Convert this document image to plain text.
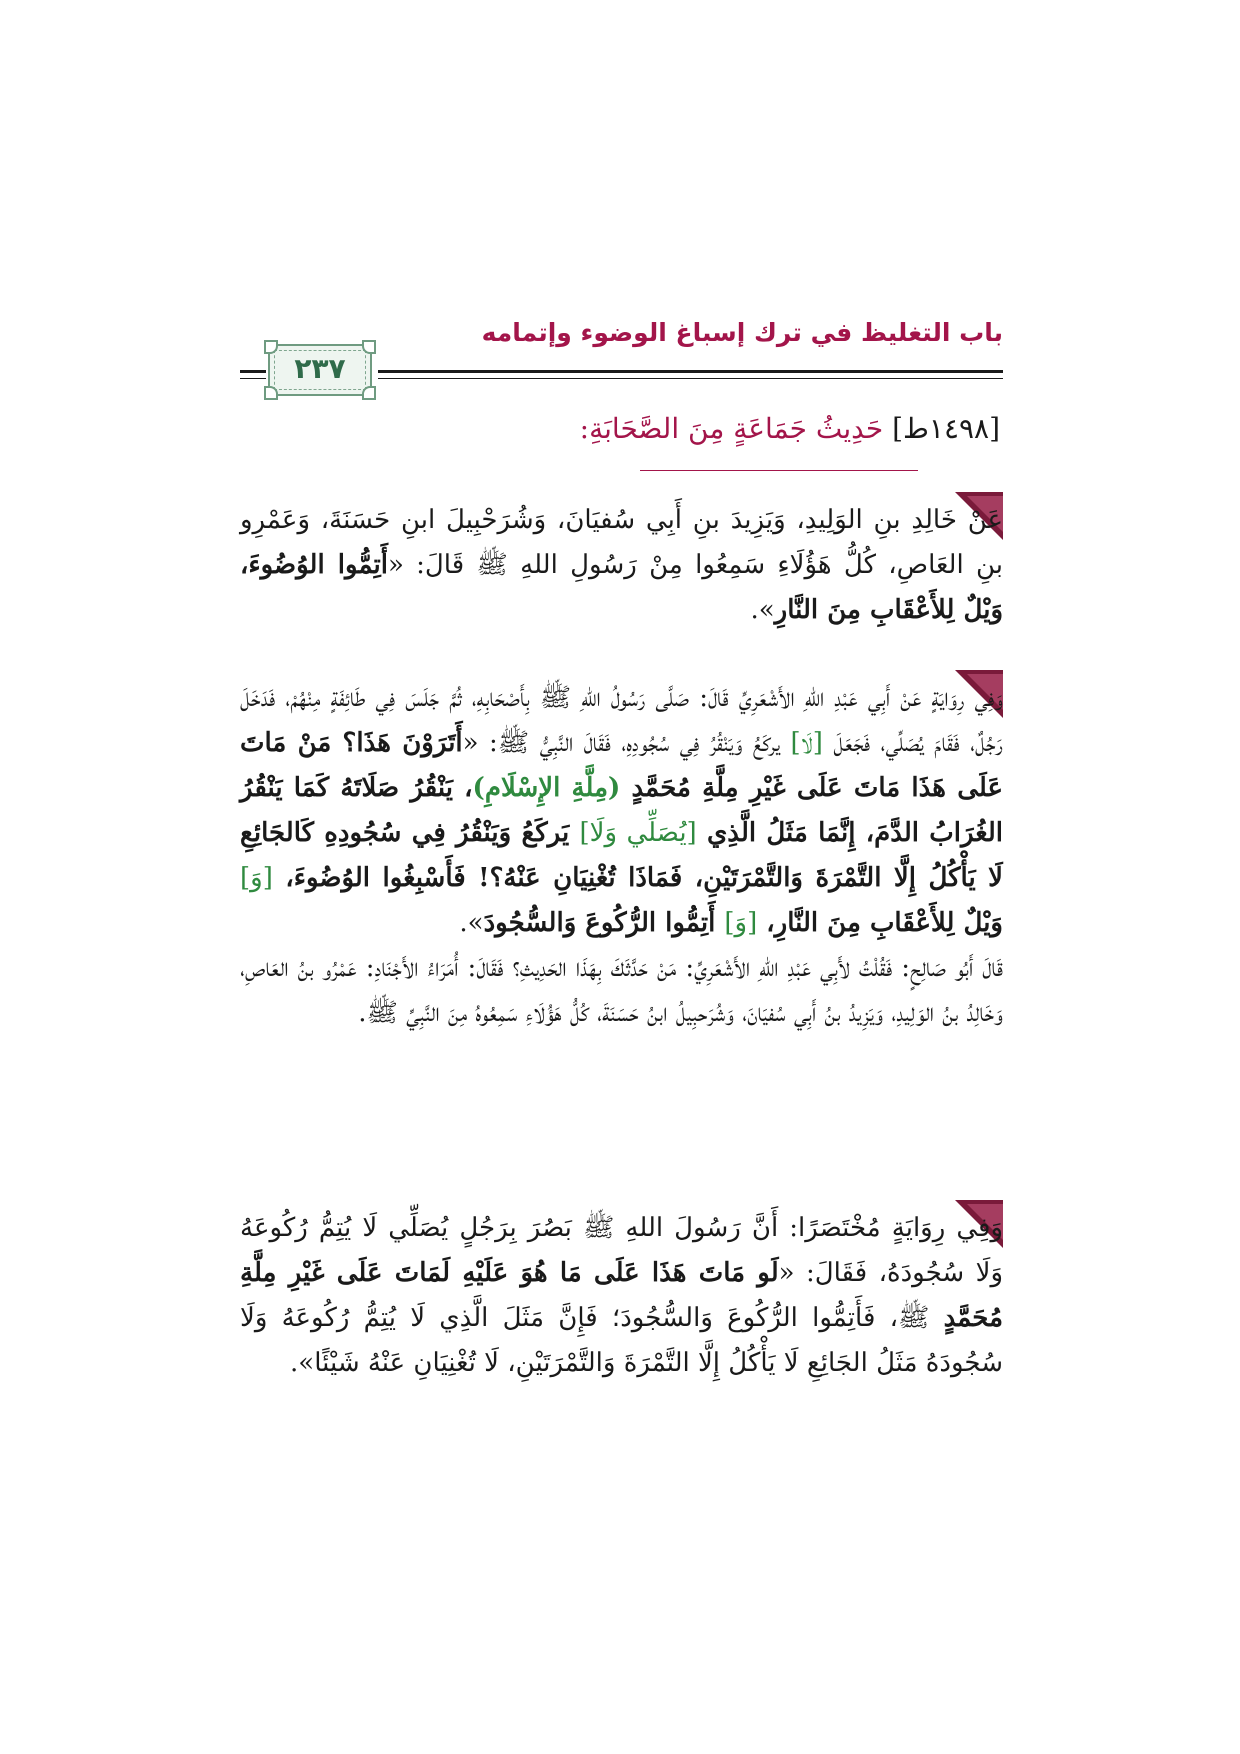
باب التغليظ في ترك إسباغ الوضوء وإتمامه
٢٣٧
[١٤٩٨ط] حَدِيثُ جَمَاعَةٍ مِنَ الصَّحَابَةِ:

عَنْ خَالِدِ بنِ الوَلِيدِ، وَيَزِيدَ بنِ أَبِي سُفيَانَ، وَشُرَحْبِيلَ ابنِ حَسَنَةَ، وَعَمْرِو بنِ العَاصِ، كُلُّ هَؤُلَاءِ سَمِعُوا مِنْ رَسُولِ اللهِ ﷺ قَالَ: «أَتِمُّوا الوُضُوءَ، وَيْلٌ لِلأَعْقَابِ مِنَ النَّارِ».

وَفِي رِوَايَةٍ عَنْ أَبِي عَبْدِ اللهِ الأَشْعَرِيِّ قَالَ: صَلَّى رَسُولُ اللهِ ﷺ بِأَصْحَابِهِ، ثُمَّ جَلَسَ فِي طَائِفَةٍ مِنْهُمْ، فَدَخَلَ رَجُلٌ، فَقَامَ يُصَلِّي، فَجَعَلَ [لَا] يركَعُ وَيَنْقُرُ فِي سُجُودِهِ، فَقَالَ النَّبِيُّ ﷺ: «أَتَرَوْنَ هَذَا؟ مَنْ مَاتَ عَلَى هَذَا مَاتَ عَلَى غَيْرِ مِلَّةِ مُحَمَّدٍ (مِلَّةِ الإِسْلَامِ)، يَنْقُرُ صَلَاتَهُ كَمَا يَنْقُرُ الغُرَابُ الدَّمَ، إِنَّمَا مَثَلُ الَّذِي [يُصَلِّي وَلَا] يَركَعُ وَيَنْقُرُ فِي سُجُودِهِ كَالجَائِعِ لَا يَأْكُلُ إِلَّا التَّمْرَةَ وَالتَّمْرَتَيْنِ، فَمَاذَا تُغْنِيَانِ عَنْهُ؟! فَأَسْبِغُوا الوُضُوءَ، [وَ] وَيْلٌ لِلأَعْقَابِ مِنَ النَّارِ، [وَ] أَتِمُّوا الرُّكُوعَ وَالسُّجُودَ».

قَالَ أَبُو صَالِحٍ: فَقُلْتُ لأَبِي عَبْدِ اللهِ الأَشْعَرِيِّ: مَنْ حَدَّثَكَ بِهَذَا الحَدِيثِ؟ فَقَالَ: أُمَرَاءُ الأَجْنَادِ: عَمْرُو بنُ العَاصِ، وَخَالِدُ بنُ الوَلِيدِ، وَيَزِيدُ بنُ أَبِي سُفيَانَ، وَشُرَحبِيلُ ابنُ حَسَنَةَ، كُلُّ هَؤُلَاءِ سَمِعُوهُ مِنَ النَّبِيِّ ﷺ.

وَفِي رِوَايَةٍ مُخْتَصَرًا: أَنَّ رَسُولَ اللهِ ﷺ بَصُرَ بِرَجُلٍ يُصَلِّي لَا يُتِمُّ رُكُوعَهُ وَلَا سُجُودَهُ، فَقَالَ: «لَو مَاتَ هَذَا عَلَى مَا هُوَ عَلَيْهِ لَمَاتَ عَلَى غَيْرِ مِلَّةِ مُحَمَّدٍ ﷺ، فَأَتِمُّوا الرُّكُوعَ وَالسُّجُودَ؛ فَإِنَّ مَثَلَ الَّذِي لَا يُتِمُّ رُكُوعَهُ وَلَا سُجُودَهُ مَثَلُ الجَائِعِ لَا يَأْكُلُ إِلَّا التَّمْرَةَ وَالتَّمْرَتَيْنِ، لَا تُغْنِيَانِ عَنْهُ شَيْئًا».
